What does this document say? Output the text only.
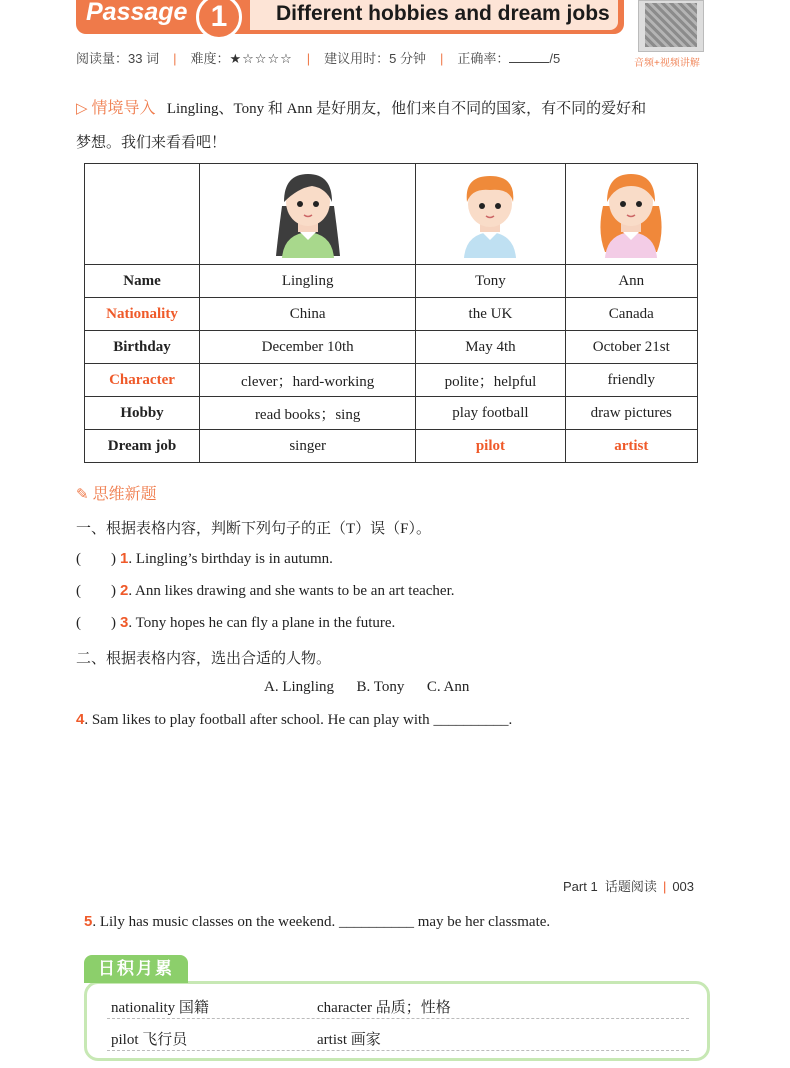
Passage 1	Different hobbies and dream jobs
音频+视频讲解
阅读量：33 词 | 难度：★☆☆☆☆ | 建议用时：5 分钟 | 正确率：	/5
▷ 情境导入 Lingling、Tony 和 Ann 是好朋友，他们来自不同的国家，有不同的爱好和
梦想。我们来看看吧！

Name	Lingling	Tony	Ann
Nationality	China	the UK	Canada
Birthday	December 10th	May 4th	October 21st
Character	clever；hard-working	polite；helpful	friendly
Hobby	read books；sing	play football	draw pictures
Dream job	singer	pilot	artist
✎ 思维新题
一、根据表格内容，判断下列句子的正（T）误（F）。
(        ) 1. Lingling’s birthday is in autumn.
(        ) 2. Ann likes drawing and she wants to be an art teacher.
(        ) 3. Tony hopes he can fly a plane in the future.
二、根据表格内容，选出合适的人物。
A. Lingling B. Tony C. Ann
4. Sam likes to play football after school. He can play with __________.
Part 1 话题阅读 | 003
5. Lily has music classes on the weekend. __________ may be her classmate.
nationality 国籍	character 品质；性格
pilot 飞行员	artist 画家
日积月累
